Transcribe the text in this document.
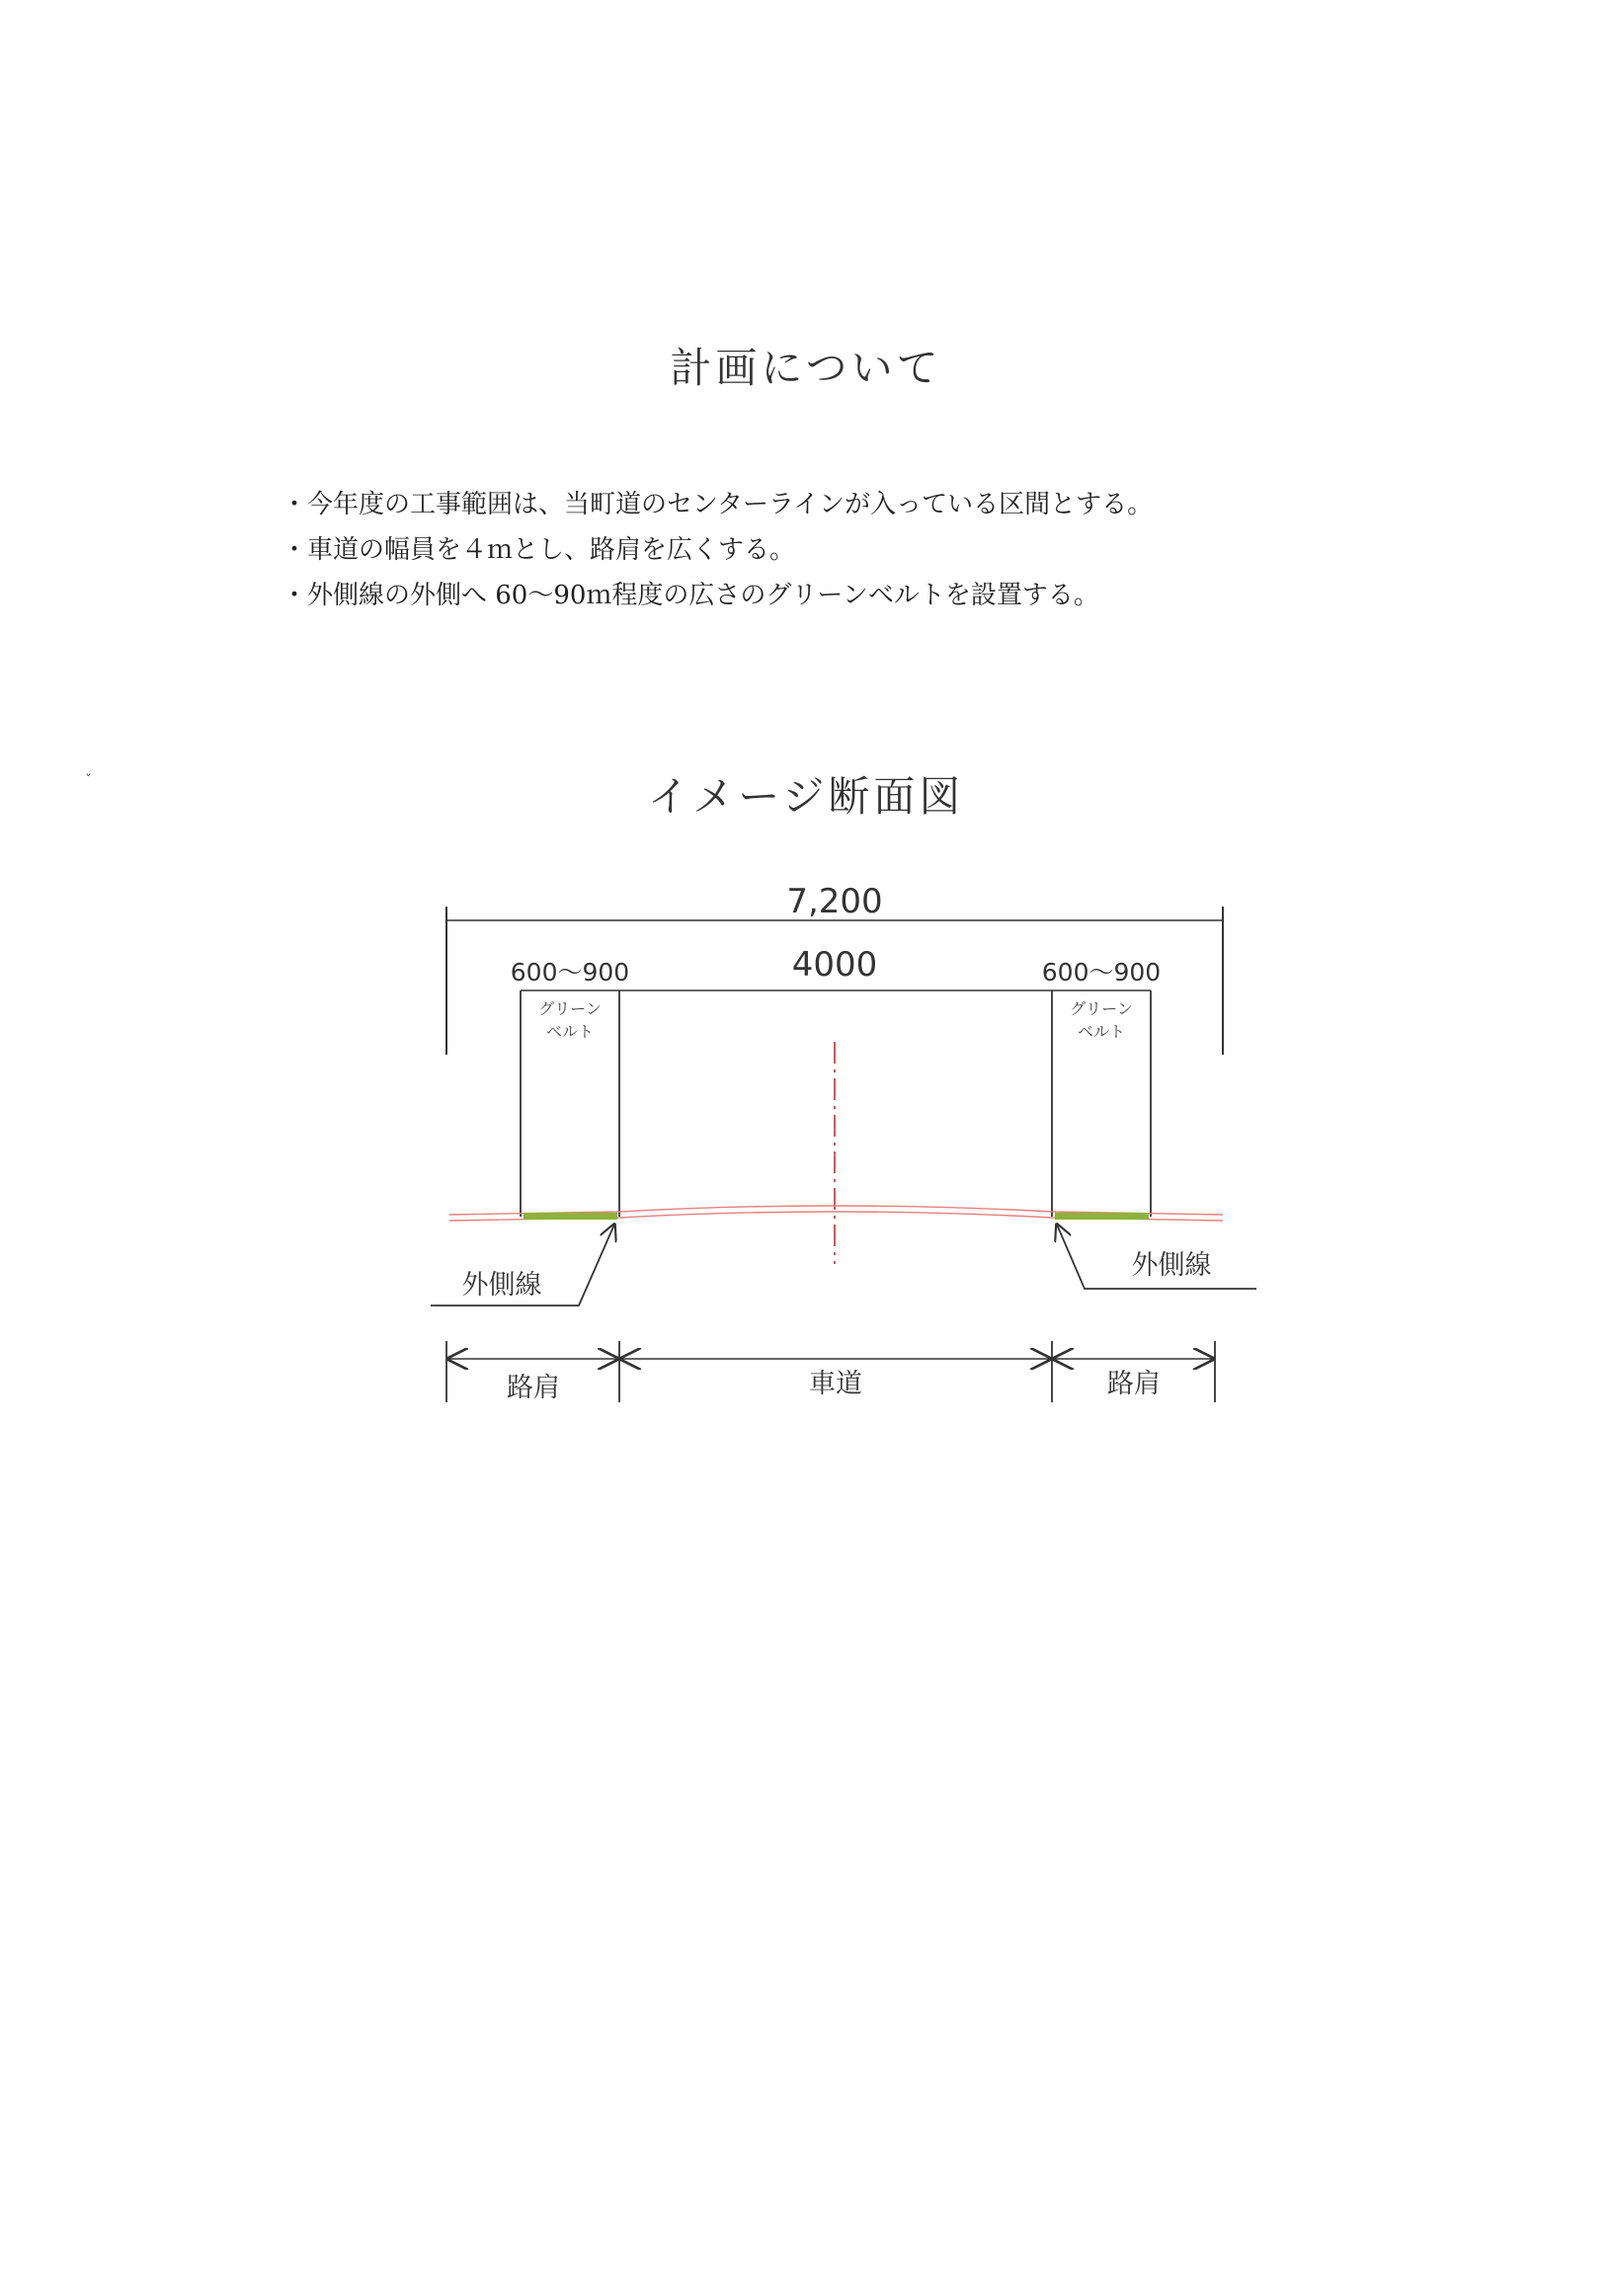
計画について
・今年度の工事範囲は、当町道のセンターラインが入っている区間とする。
・車道の幅員を４ｍとし、路肩を広くする。
・外側線の外側へ 60～90ｍ程度の広さのグリーンベルトを設置する。
イメージ断面図
ˇ
7,200
600～900	4000	600～900
グリーン
ベルト
グリーン
ベルト
外側線
外側線
路肩	車道	路肩
